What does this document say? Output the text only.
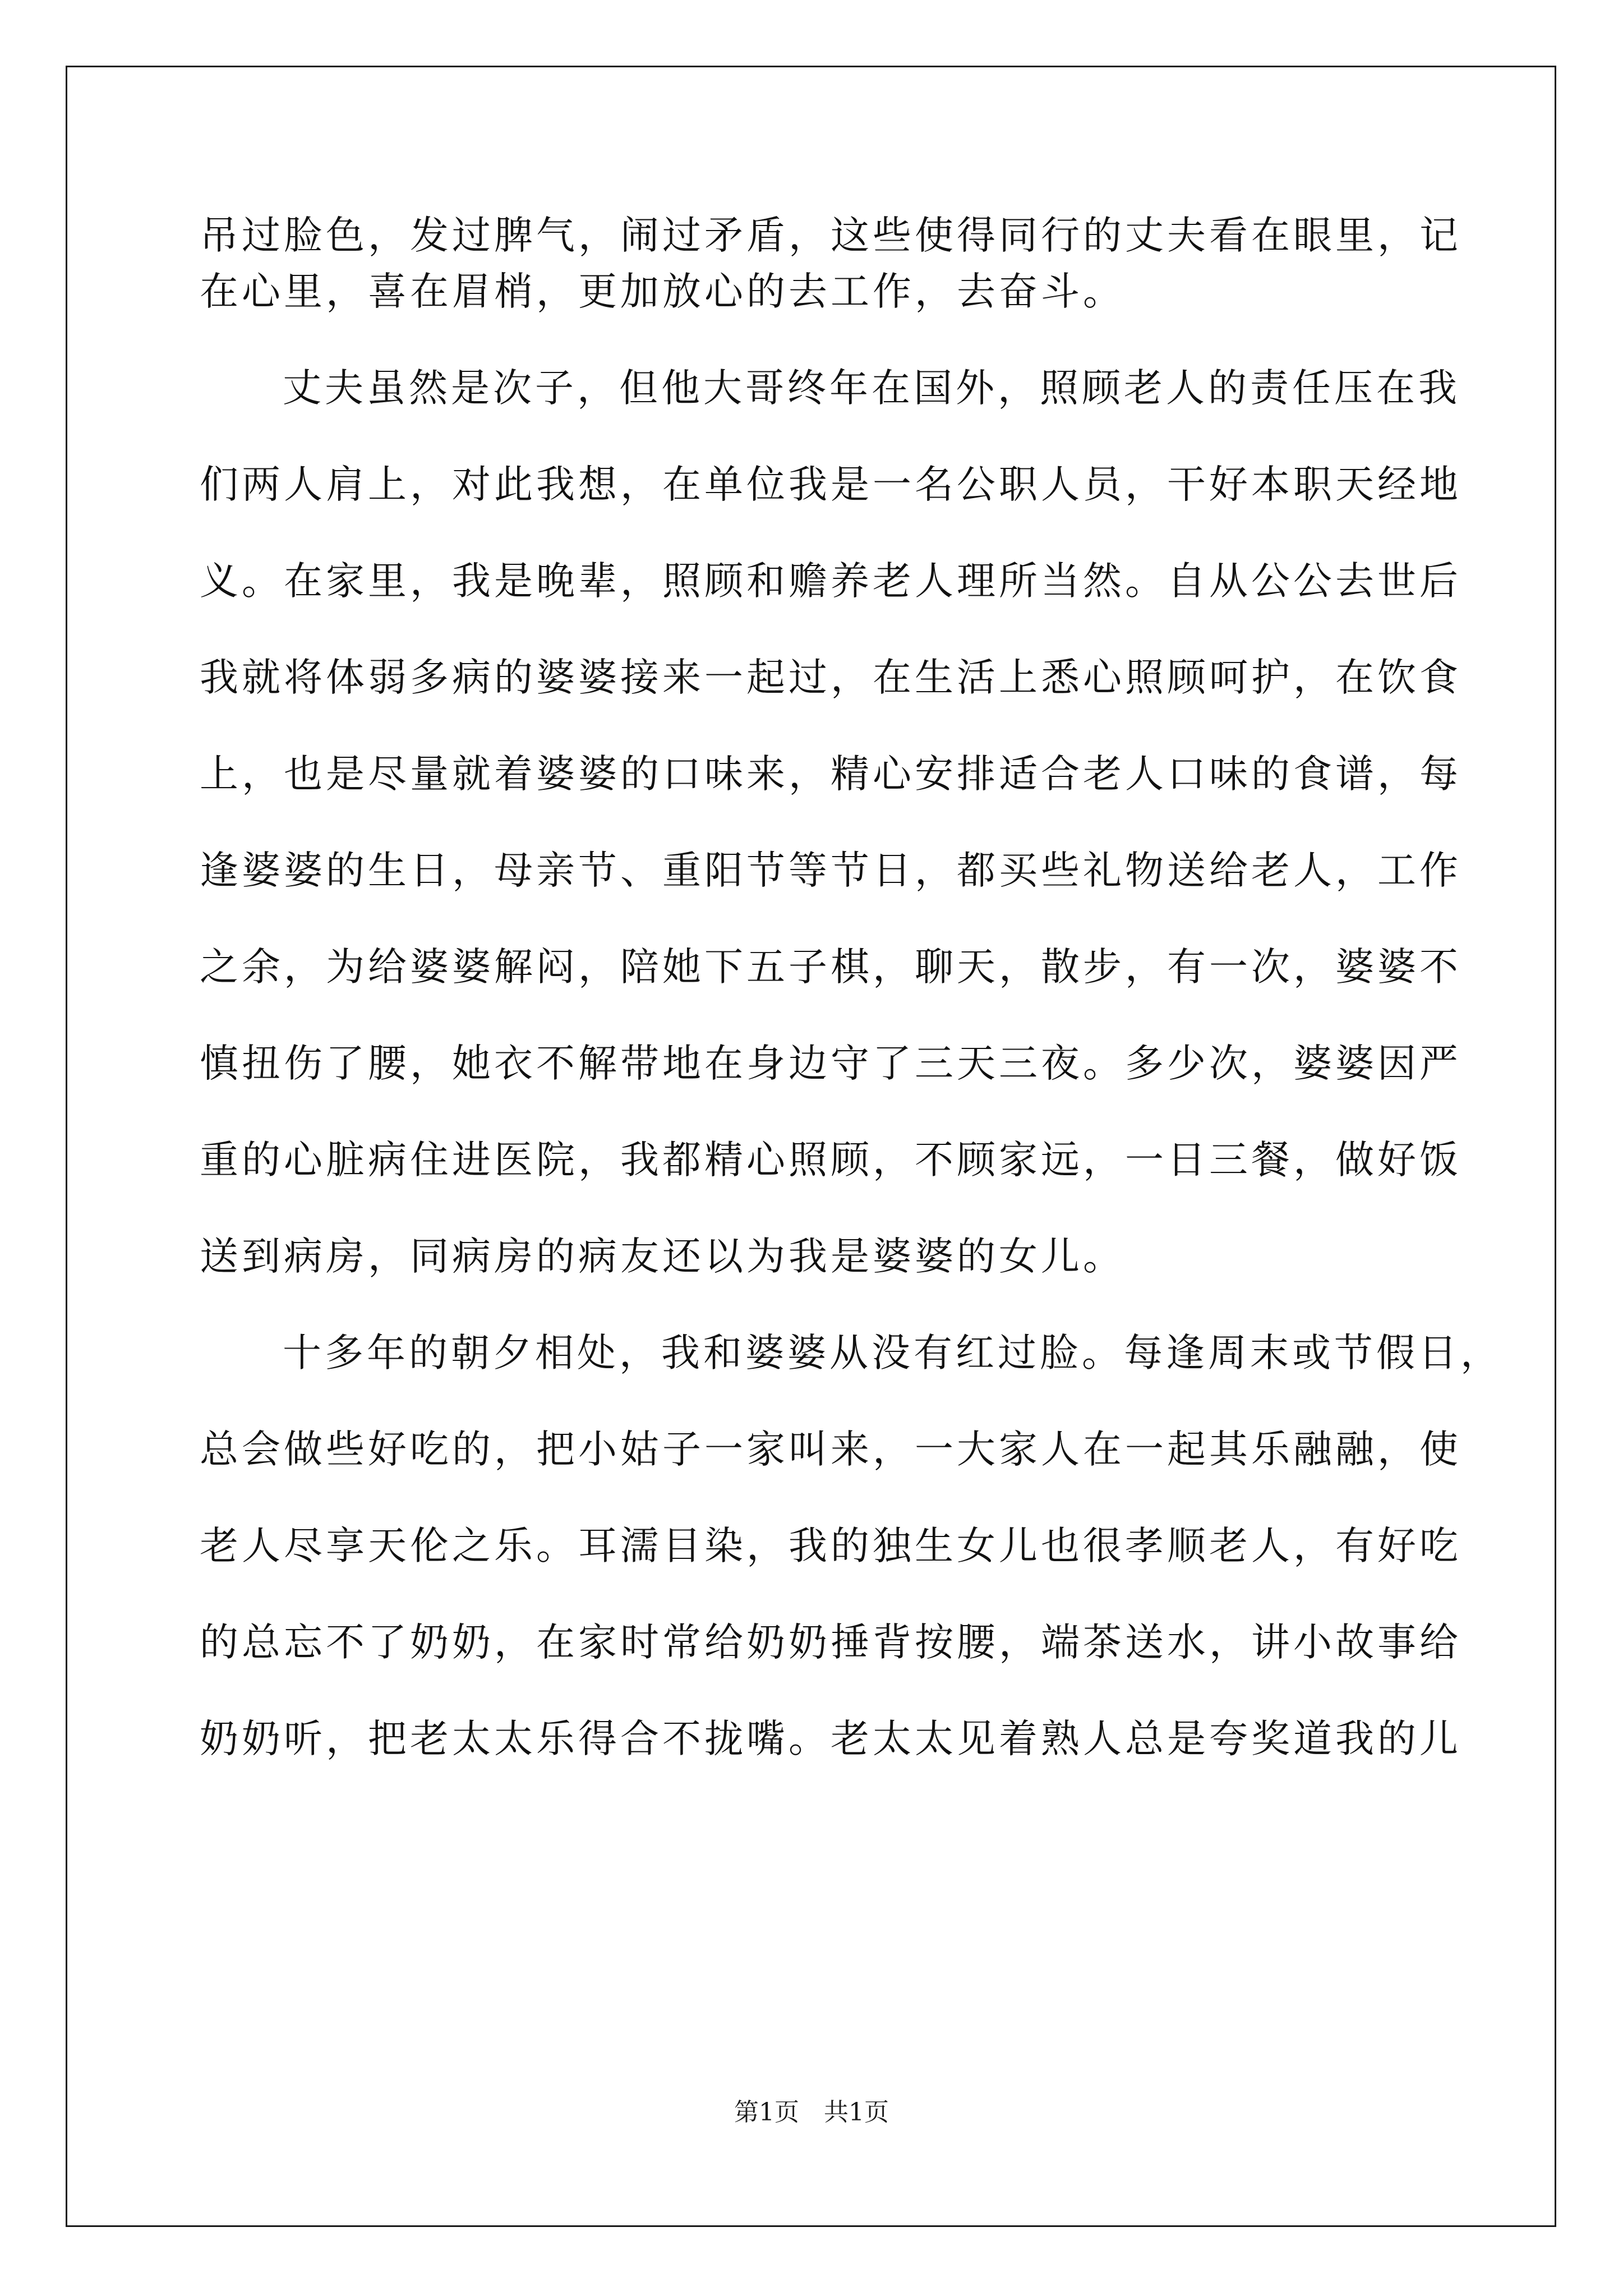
吊过脸色，发过脾气，闹过矛盾，这些使得同行的丈夫看在眼里，记
在心里，喜在眉梢，更加放心的去工作，去奋斗。
丈夫虽然是次子，但他大哥终年在国外，照顾老人的责任压在我
们两人肩上，对此我想，在单位我是一名公职人员，干好本职天经地
义。在家里，我是晚辈，照顾和赡养老人理所当然。自从公公去世后
我就将体弱多病的婆婆接来一起过，在生活上悉心照顾呵护，在饮食
上，也是尽量就着婆婆的口味来，精心安排适合老人口味的食谱，每
逢婆婆的生日，母亲节、重阳节等节日，都买些礼物送给老人，工作
之余，为给婆婆解闷，陪她下五子棋，聊天，散步，有一次，婆婆不
慎扭伤了腰，她衣不解带地在身边守了三天三夜。多少次，婆婆因严
重的心脏病住进医院，我都精心照顾，不顾家远，一日三餐，做好饭
送到病房，同病房的病友还以为我是婆婆的女儿。
十多年的朝夕相处，我和婆婆从没有红过脸。每逢周末或节假日，
总会做些好吃的，把小姑子一家叫来，一大家人在一起其乐融融，使
老人尽享天伦之乐。耳濡目染，我的独生女儿也很孝顺老人，有好吃
的总忘不了奶奶，在家时常给奶奶捶背按腰，端茶送水，讲小故事给
奶奶听，把老太太乐得合不拢嘴。老太太见着熟人总是夸奖道我的儿
第1页 共1页
